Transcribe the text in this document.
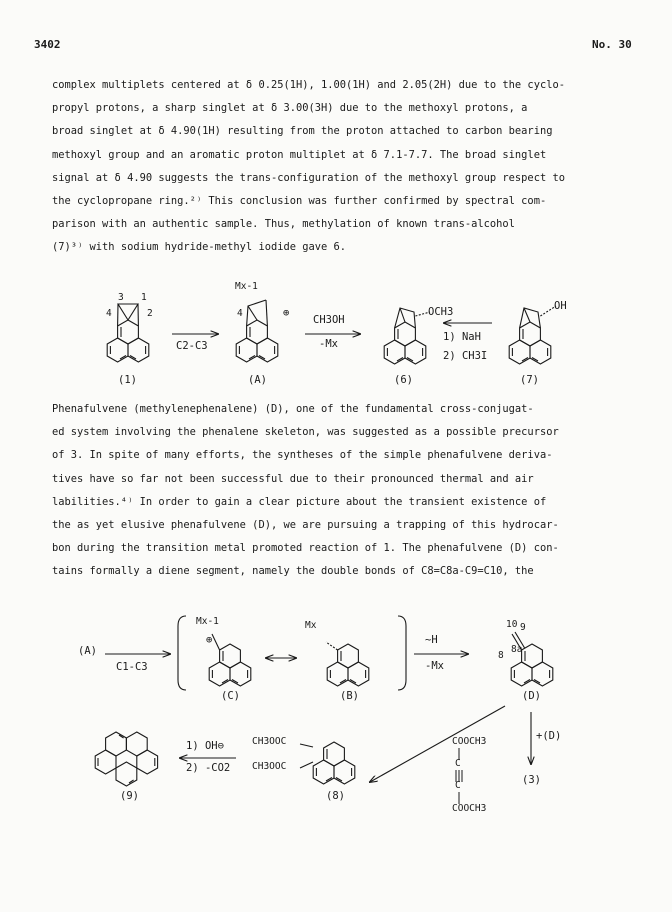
3402	No. 30

complex multiplets centered at δ 0.25(1H), 1.00(1H) and 2.05(2H) due to the cyclo-
propyl protons, a sharp singlet at δ 3.00(3H) due to the methoxyl protons, a
broad singlet at δ 4.90(1H) resulting from the proton attached to carbon bearing
methoxyl group and an aromatic proton multiplet at δ 7.1-7.7. The broad singlet
signal at δ 4.90 suggests the trans-configuration of the methoxyl group respect to
the cyclopropane ring.²⁾ This conclusion was further confirmed by spectral com-
parison with an authentic sample. Thus, methylation of known trans-alcohol
(7)³⁾ with sodium hydride-methyl iodide gave 6.

3 1
4	2
Mx-1
4	⊕
C2-C3
CH3OH
-Mx
OCH3	OH
1) NaH
2) CH3I
(1)	(A)	(6)	(7)

Phenafulvene (methylenephenalene) (D), one of the fundamental cross-conjugat-
ed system involving the phenalene skeleton, was suggested as a possible precursor
of 3. In spite of many efforts, the syntheses of the simple phenafulvene deriva-
tives have so far not been successful due to their pronounced thermal and air
labilities.⁴⁾ In order to gain a clear picture about the transient existence of
the as yet elusive phenafulvene (D), we are pursuing a trapping of this hydrocar-
bon during the transition metal promoted reaction of 1. The phenafulvene (D) con-
tains formally a diene segment, namely the double bonds of C8=C8a-C9=C10, the

(A)
C1-C3
Mx-1
⊕
Mx
~H
-Mx
10 9
8a
8
(C)	(B)	(D)
(3)
(8)
(9)
COOCH3
C
C
COOCH3
+(D)
CH3OOC
CH3OOC
1) OH⊖
2) -CO2
